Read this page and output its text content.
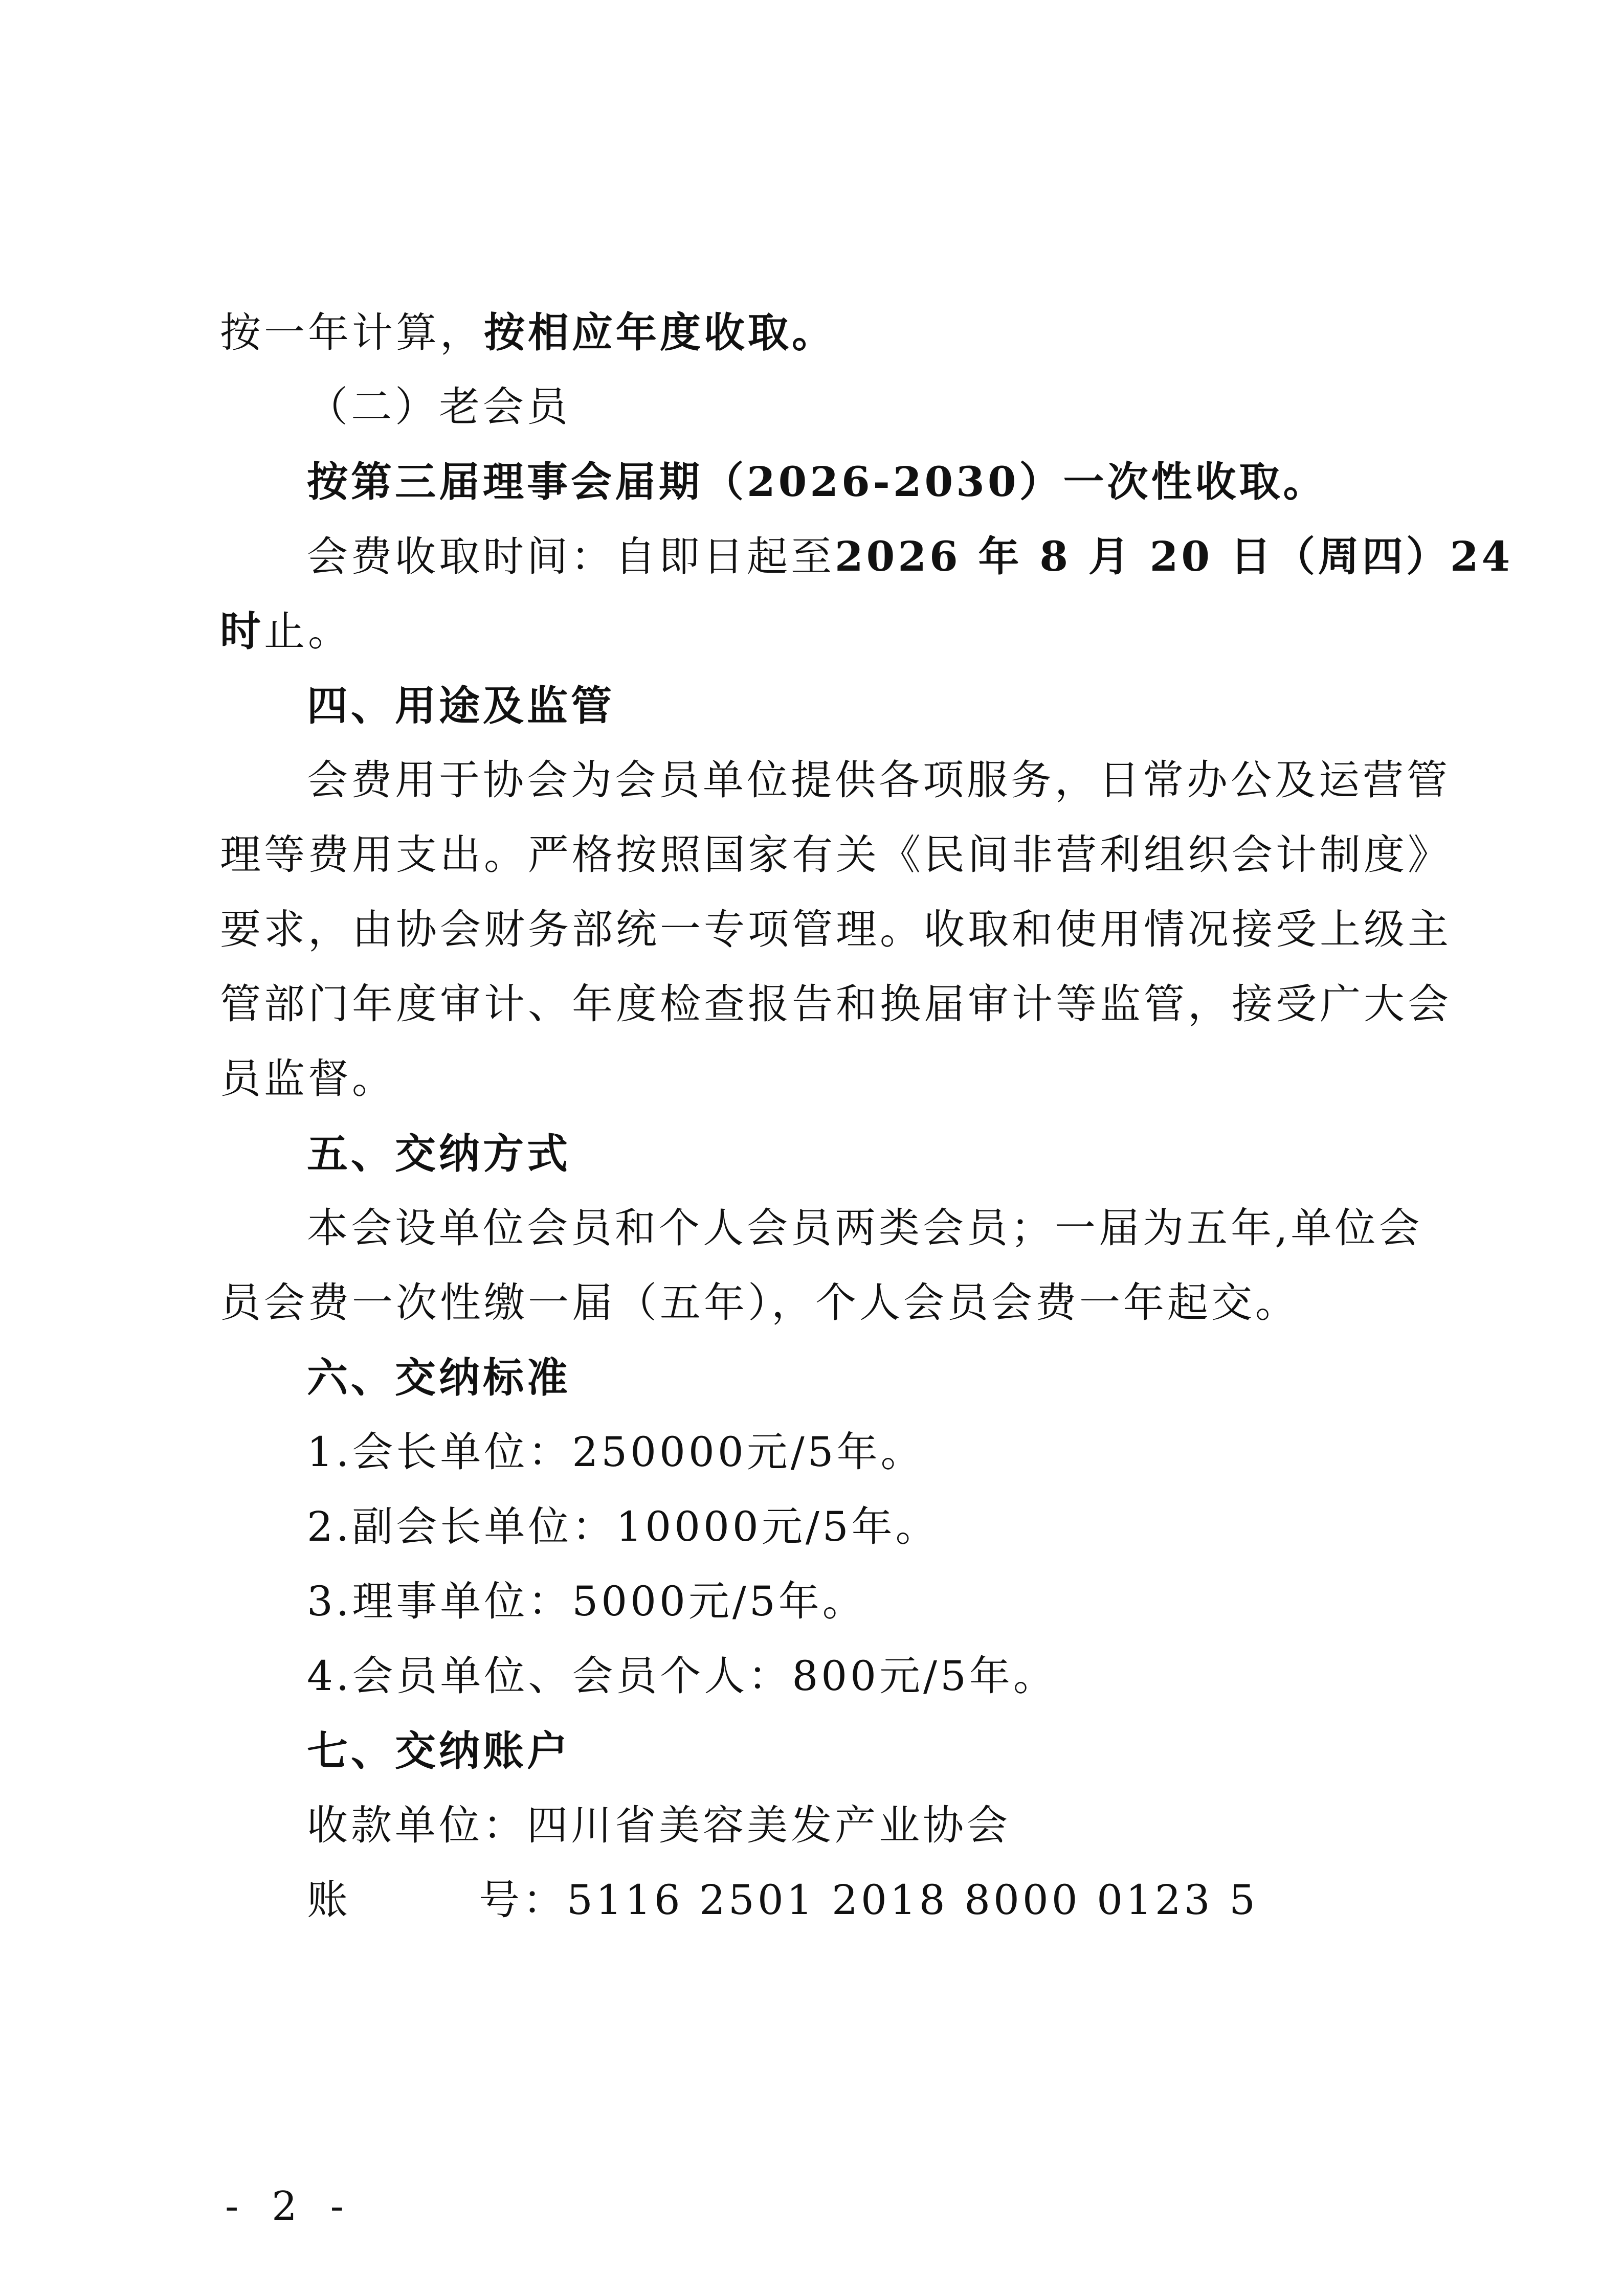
按一年计算，按相应年度收取。
（二）老会员
按第三届理事会届期（2026-2030）一次性收取。
会费收取时间：自即日起至2026 年 8 月 20 日（周四）24
时止。
四、用途及监管
会费用于协会为会员单位提供各项服务，日常办公及运营管
理等费用支出。严格按照国家有关《民间非营利组织会计制度》
要求，由协会财务部统一专项管理。收取和使用情况接受上级主
管部门年度审计、年度检查报告和换届审计等监管，接受广大会
员监督。
五、交纳方式
本会设单位会员和个人会员两类会员；一届为五年,单位会
员会费一次性缴一届（五年），个人会员会费一年起交。
六、交纳标准
1.会长单位：250000元/5年。
2.副会长单位：10000元/5年。
3.理事单位：5000元/5年。
4.会员单位、会员个人：800元/5年。
七、交纳账户
收款单位：四川省美容美发产业协会
账	号：5116 2501 2018 8000 0123 5
- 2 -
